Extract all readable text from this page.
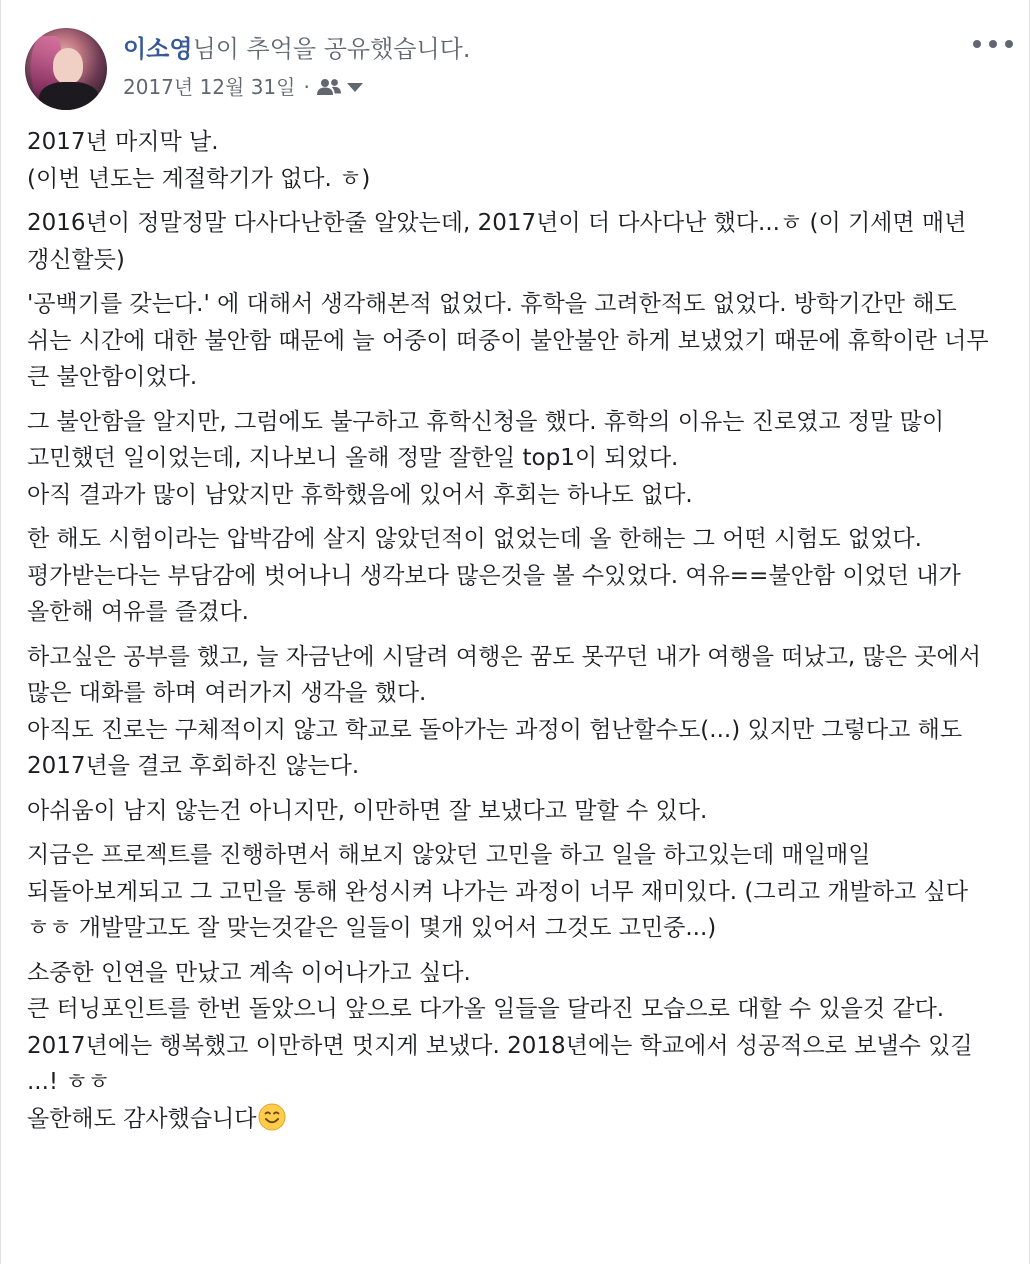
이소영님이 추억을 공유했습니다.
2017년 12월 31일 ·

2017년 마지막 날.
(이번 년도는 계절학기가 없다. ㅎ)

2016년이 정말정말 다사다난한줄 알았는데, 2017년이 더 다사다난 했다...ㅎ (이 기세면 매년 갱신할듯)

'공백기를 갖는다.' 에 대해서 생각해본적 없었다. 휴학을 고려한적도 없었다. 방학기간만 해도 쉬는 시간에 대한 불안함 때문에 늘 어중이 떠중이 불안불안 하게 보냈었기 때문에 휴학이란 너무 큰 불안함이었다.

그 불안함을 알지만, 그럼에도 불구하고 휴학신청을 했다. 휴학의 이유는 진로였고 정말 많이 고민했던 일이었는데, 지나보니 올해 정말 잘한일 top1이 되었다.
아직 결과가 많이 남았지만 휴학했음에 있어서 후회는 하나도 없다.

한 해도 시험이라는 압박감에 살지 않았던적이 없었는데 올 한해는 그 어떤 시험도 없었다. 평가받는다는 부담감에 벗어나니 생각보다 많은것을 볼 수있었다. 여유==불안함 이었던 내가 올한해 여유를 즐겼다.

하고싶은 공부를 했고, 늘 자금난에 시달려 여행은 꿈도 못꾸던 내가 여행을 떠났고, 많은 곳에서 많은 대화를 하며 여러가지 생각을 했다.
아직도 진로는 구체적이지 않고 학교로 돌아가는 과정이 험난할수도(...) 있지만 그렇다고 해도 2017년을 결코 후회하진 않는다.

아쉬움이 남지 않는건 아니지만, 이만하면 잘 보냈다고 말할 수 있다.

지금은 프로젝트를 진행하면서 해보지 않았던 고민을 하고 일을 하고있는데 매일매일 되돌아보게되고 그 고민을 통해 완성시켜 나가는 과정이 너무 재미있다. (그리고 개발하고 싶다 ㅎㅎ 개발말고도 잘 맞는것같은 일들이 몇개 있어서 그것도 고민중...)

소중한 인연을 만났고 계속 이어나가고 싶다.
큰 터닝포인트를 한번 돌았으니 앞으로 다가올 일들을 달라진 모습으로 대할 수 있을것 같다.
2017년에는 행복했고 이만하면 멋지게 보냈다. 2018년에는 학교에서 성공적으로 보낼수 있길 ...! ㅎㅎ

올한해도 감사했습니다
